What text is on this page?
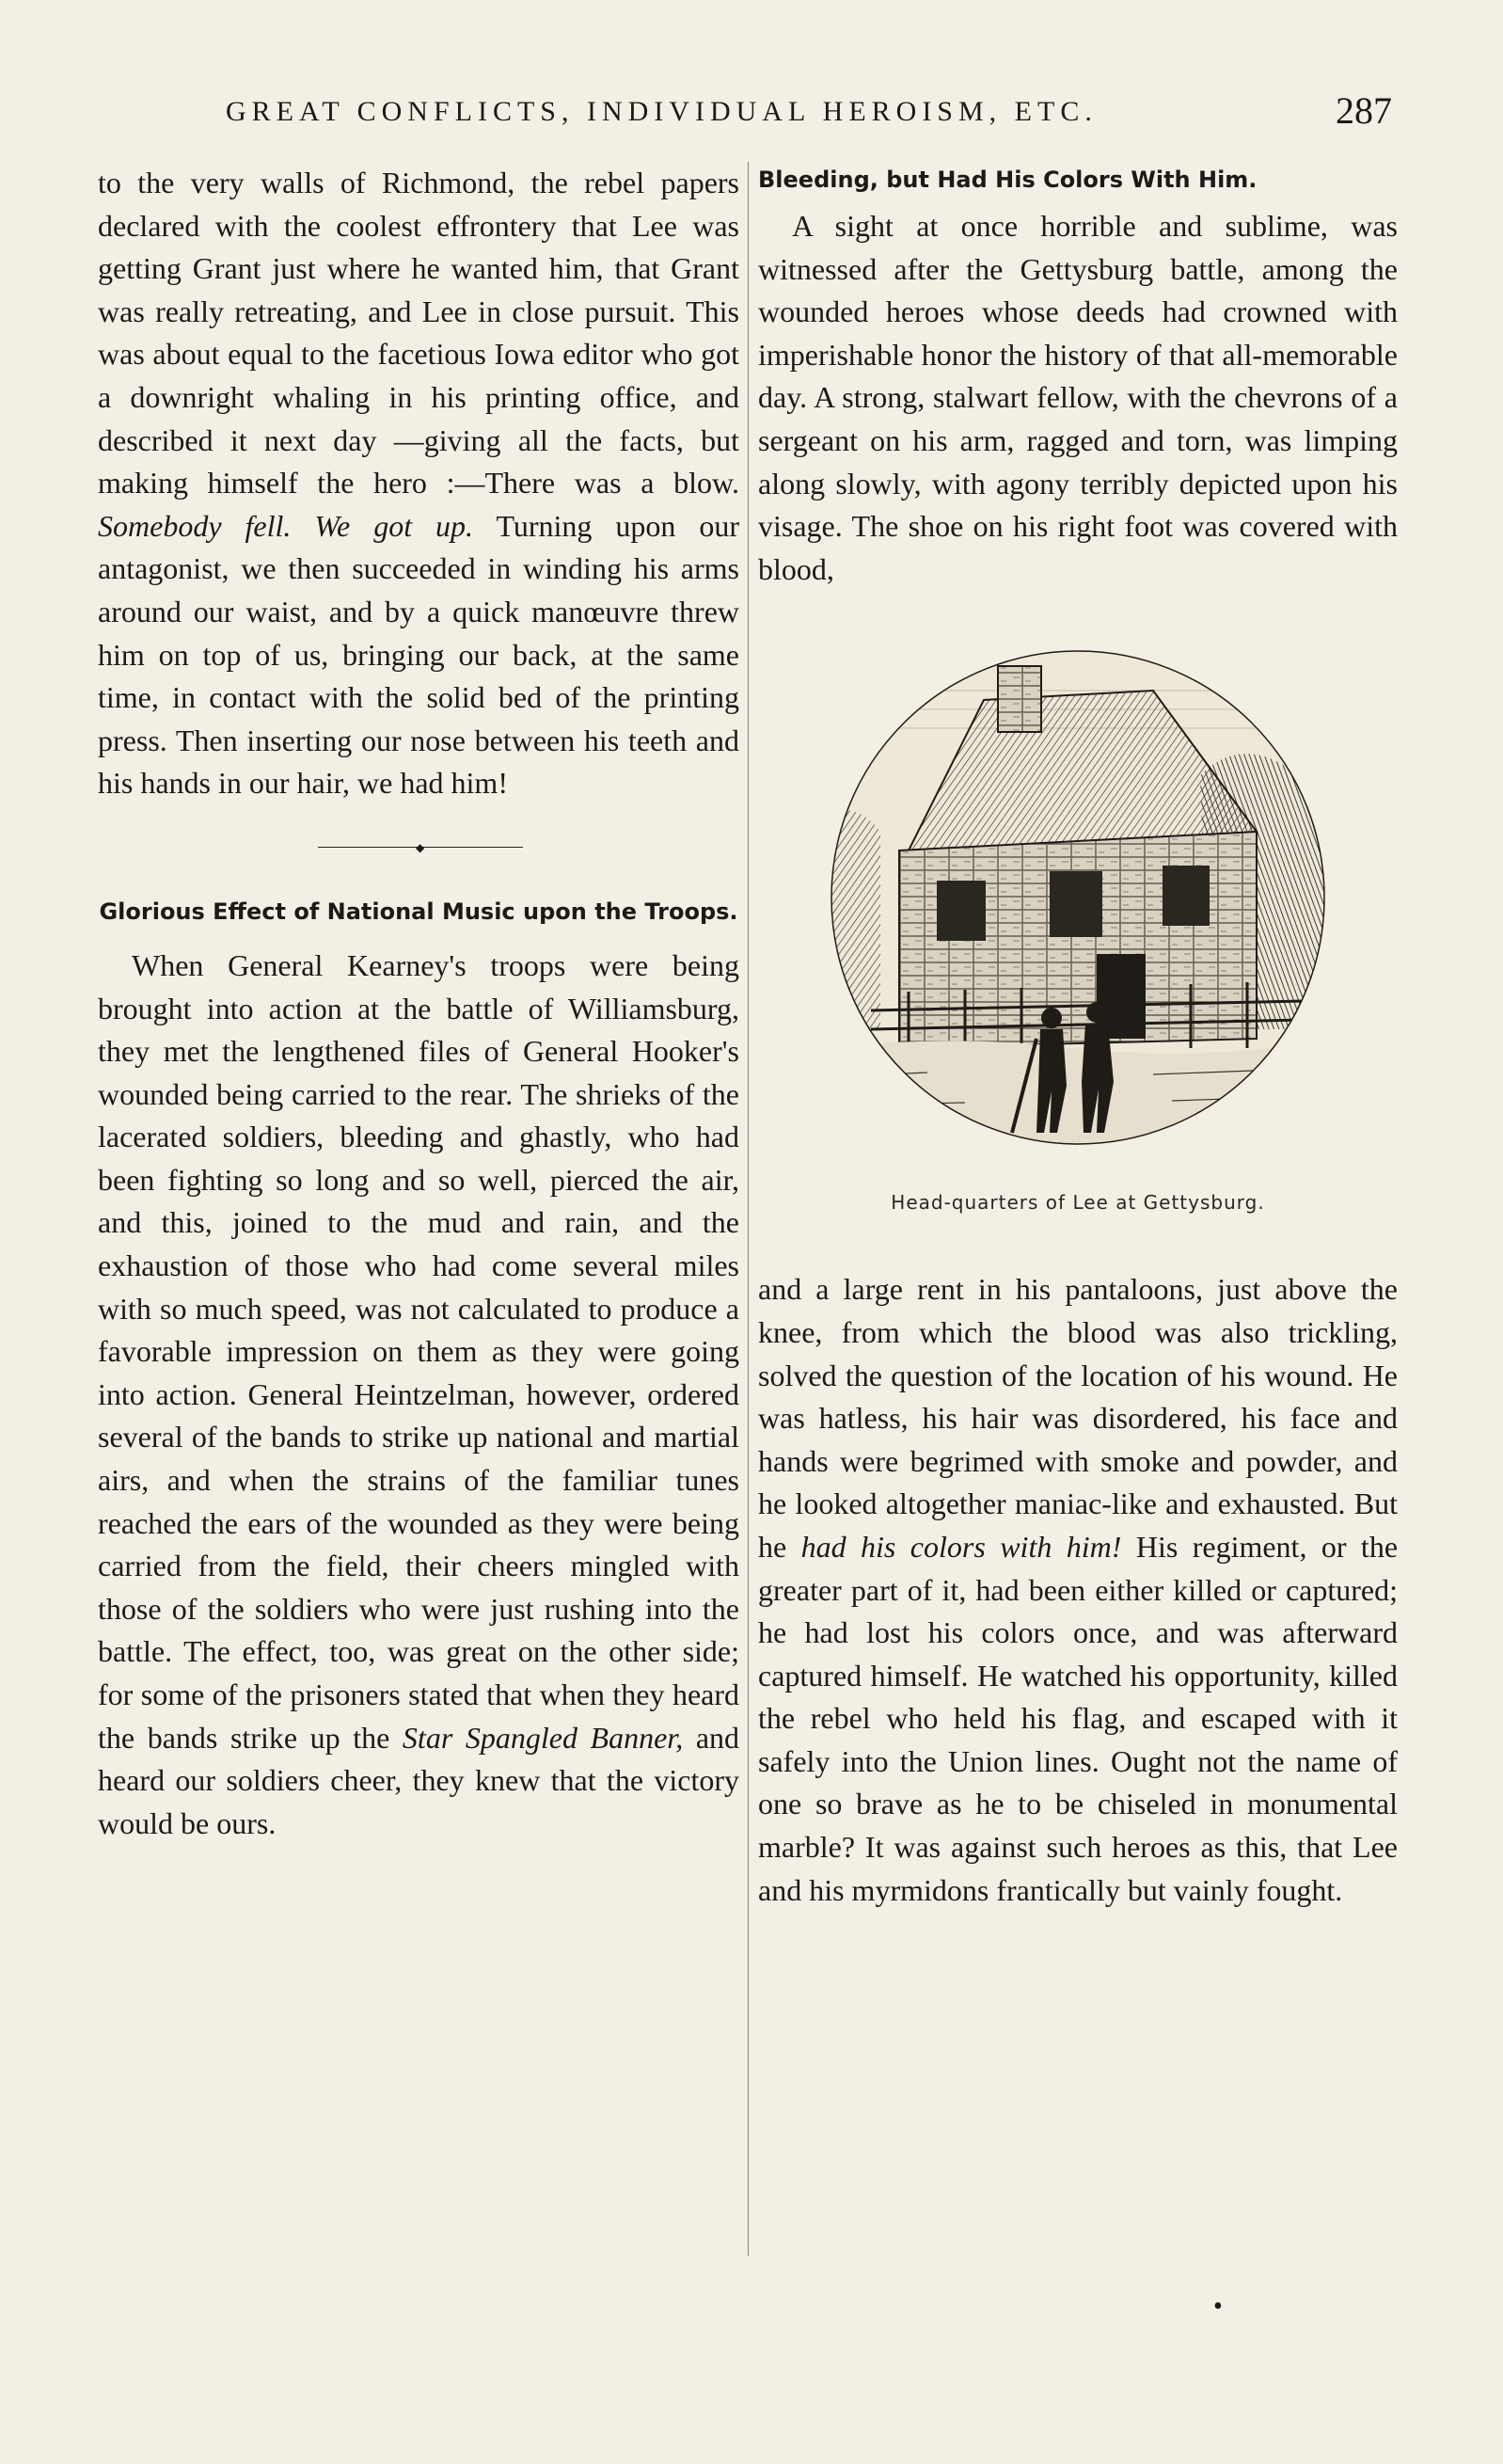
GREAT CONFLICTS, INDIVIDUAL HEROISM, ETC.	287

to the very walls of Richmond, the rebel papers declared with the coolest effrontery that Lee was getting Grant just where he wanted him, that Grant was really retreating, and Lee in close pursuit. This was about equal to the facetious Iowa editor who got a downright whaling in his printing office, and described it next day —giving all the facts, but making himself the hero :—There was a blow. Somebody fell. We got up. Turning upon our antagonist, we then succeeded in winding his arms around our waist, and by a quick manœuvre threw him on top of us, bringing our back, at the same time, in contact with the solid bed of the printing press. Then inserting our nose between his teeth and his hands in our hair, we had him!

◆
Glorious Effect of National Music upon the Troops.

When General Kearney's troops were being brought into action at the battle of Williamsburg, they met the lengthened files of General Hooker's wounded being carried to the rear. The shrieks of the lacerated soldiers, bleeding and ghastly, who had been fighting so long and so well, pierced the air, and this, joined to the mud and rain, and the exhaustion of those who had come several miles with so much speed, was not calculated to produce a favorable impression on them as they were going into action. General Heintzelman, however, ordered several of the bands to strike up national and martial airs, and when the strains of the familiar tunes reached the ears of the wounded as they were being carried from the field, their cheers mingled with those of the soldiers who were just rushing into the battle. The effect, too, was great on the other side; for some of the prisoners stated that when they heard the bands strike up the Star Spangled Banner, and heard our soldiers cheer, they knew that the victory would be ours.

Bleeding, but Had His Colors With Him.

A sight at once horrible and sublime, was witnessed after the Gettysburg battle, among the wounded heroes whose deeds had crowned with imperishable honor the history of that all-memorable day. A strong, stalwart fellow, with the chevrons of a sergeant on his arm, ragged and torn, was limping along slowly, with agony terribly depicted upon his visage. The shoe on his right foot was covered with blood,

Head-quarters of Lee at Gettysburg.

and a large rent in his pantaloons, just above the knee, from which the blood was also trickling, solved the question of the location of his wound. He was hatless, his hair was disordered, his face and hands were begrimed with smoke and powder, and he looked altogether maniac-like and exhausted. But he had his colors with him! His regiment, or the greater part of it, had been either killed or captured; he had lost his colors once, and was afterward captured himself. He watched his opportunity, killed the rebel who held his flag, and escaped with it safely into the Union lines. Ought not the name of one so brave as he to be chiseled in monumental marble? It was against such heroes as this, that Lee and his myrmidons frantically but vainly fought.

•
